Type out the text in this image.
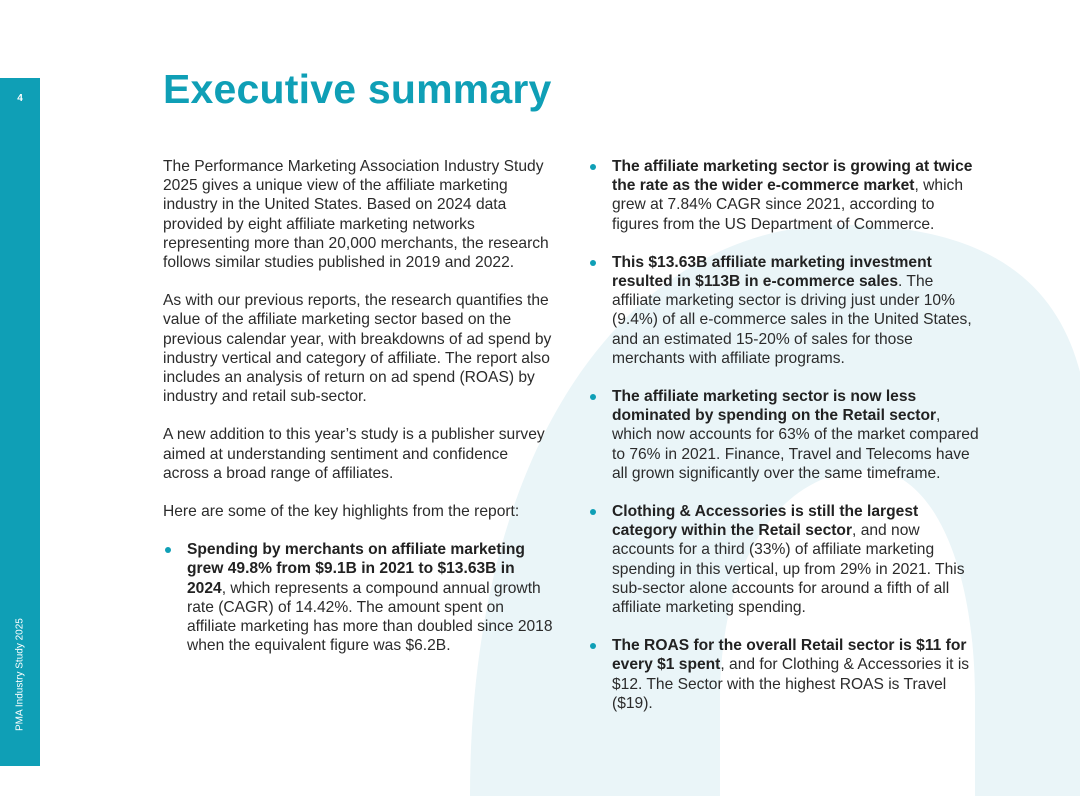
4
PMA Industry Study 2025
Executive summary

The Performance Marketing Association Industry Study 2025 gives a unique view of the affiliate marketing industry in the United States. Based on 2024 data provided by eight affiliate marketing networks representing more than 20,000 merchants, the research follows similar studies published in 2019 and 2022.

As with our previous reports, the research quantifies the value of the affiliate marketing sector based on the previous calendar year, with breakdowns of ad spend by industry vertical and category of affiliate. The report also includes an analysis of return on ad spend (ROAS) by industry and retail sub-sector.

A new addition to this year’s study is a publisher survey aimed at understanding sentiment and confidence across a broad range of affiliates.

Here are some of the key highlights from the report:

Spending by merchants on affiliate marketing grew 49.8% from $9.1B in 2021 to $13.63B in 2024, which represents a compound annual growth rate (CAGR) of 14.42%. The amount spent on affiliate marketing has more than doubled since 2018 when the equivalent figure was $6.2B.
The affiliate marketing sector is growing at twice the rate as the wider e-commerce market, which grew at 7.84% CAGR since 2021, according to figures from the US Department of Commerce.
This $13.63B affiliate marketing investment resulted in $113B in e-commerce sales. The affiliate marketing sector is driving just under 10% (9.4%) of all e-commerce sales in the United States, and an estimated 15-20% of sales for those merchants with affiliate programs.
The affiliate marketing sector is now less dominated by spending on the Retail sector, which now accounts for 63% of the market compared to 76% in 2021. Finance, Travel and Telecoms have all grown significantly over the same timeframe.
Clothing & Accessories is still the largest category within the Retail sector, and now accounts for a third (33%) of affiliate marketing spending in this vertical, up from 29% in 2021. This sub-sector alone accounts for around a fifth of all affiliate marketing spending.
The ROAS for the overall Retail sector is $11 for every $1 spent, and for Clothing & Accessories it is $12. The Sector with the highest ROAS is Travel ($19).
